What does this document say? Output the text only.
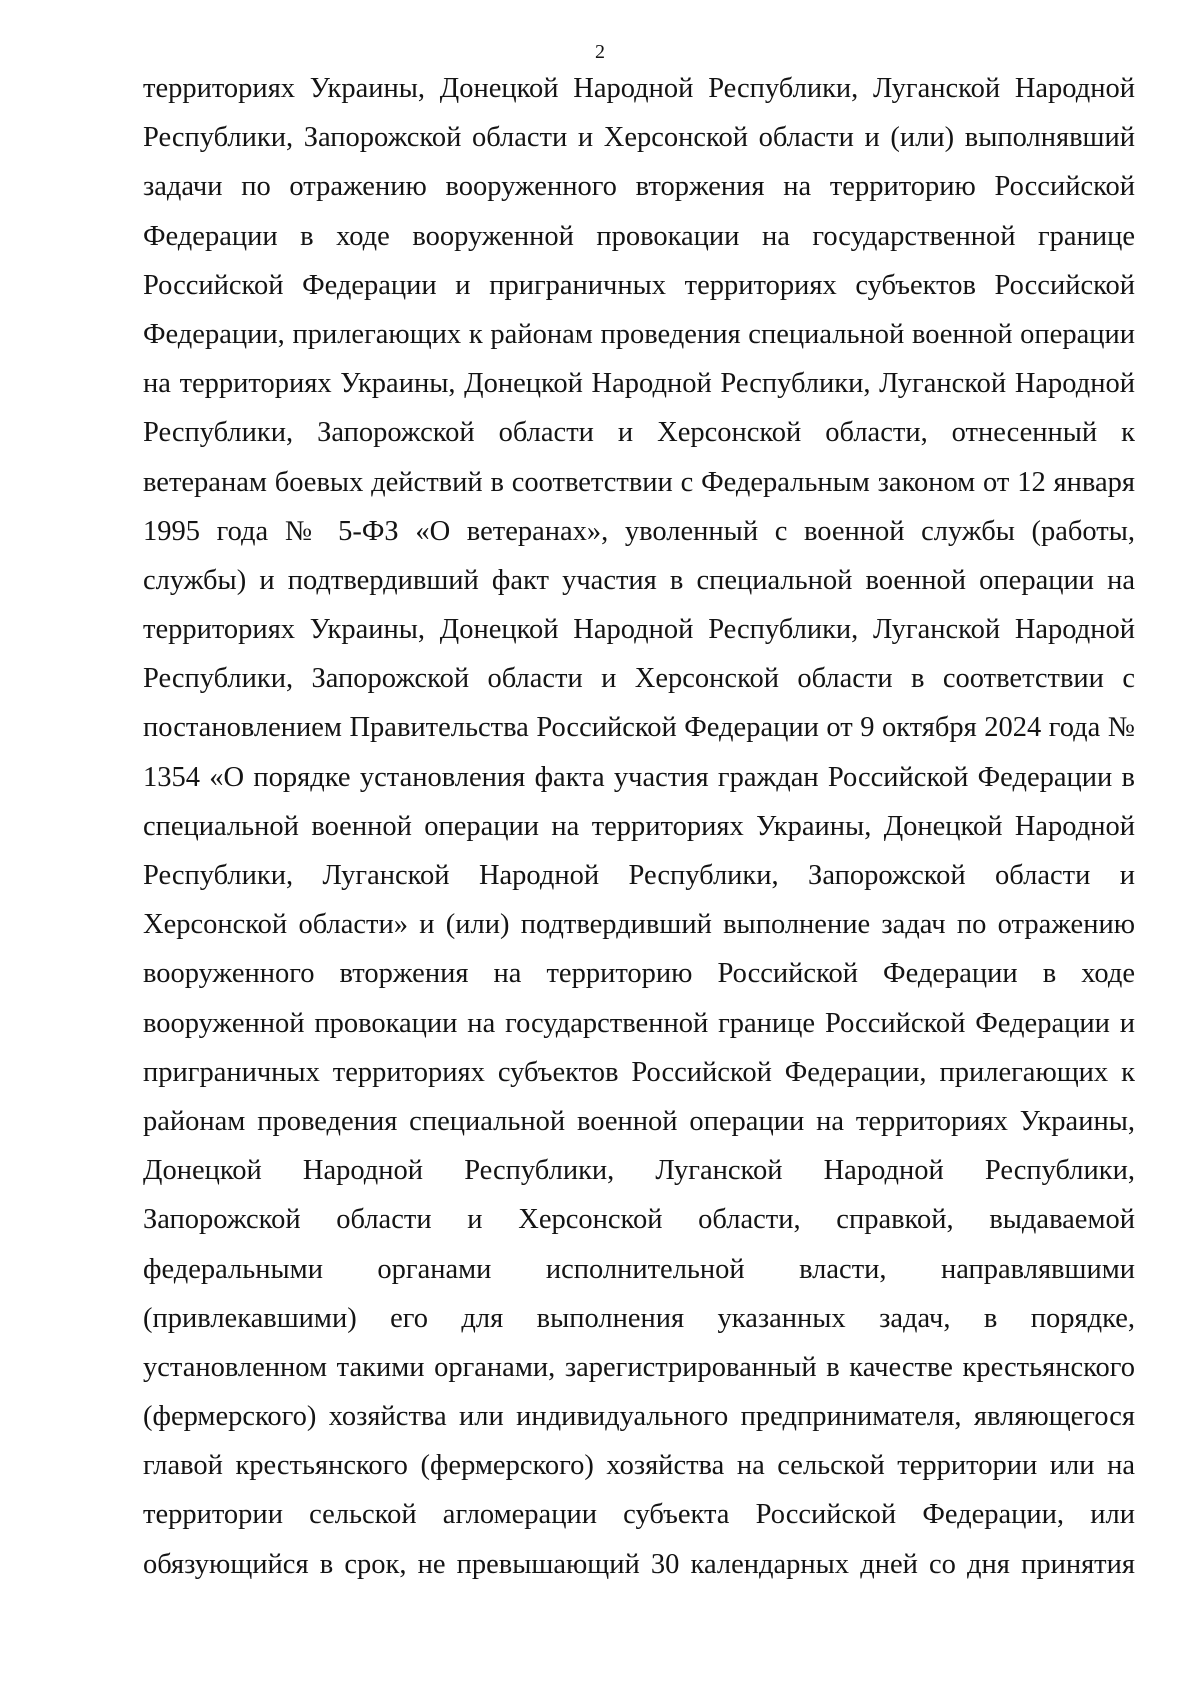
2
территориях Украины, Донецкой Народной Республики, Луганской Народной
Республики, Запорожской области и Херсонской области и (или) выполнявший
задачи по отражению вооруженного вторжения на территорию Российской
Федерации в ходе вооруженной провокации на государственной границе
Российской Федерации и приграничных территориях субъектов Российской
Федерации, прилегающих к районам проведения специальной военной операции
на территориях Украины, Донецкой Народной Республики, Луганской Народной
Республики, Запорожской области и Херсонской области, отнесенный к
ветеранам боевых действий в соответствии с Федеральным законом от 12 января
1995 года № 5-ФЗ «О ветеранах», уволенный с военной службы (работы,
службы) и подтвердивший факт участия в специальной военной операции на
территориях Украины, Донецкой Народной Республики, Луганской Народной
Республики, Запорожской области и Херсонской области в соответствии с
постановлением Правительства Российской Федерации от 9 октября 2024 года №
1354 «О порядке установления факта участия граждан Российской Федерации в
специальной военной операции на территориях Украины, Донецкой Народной
Республики, Луганской Народной Республики, Запорожской области и
Херсонской области» и (или) подтвердивший выполнение задач по отражению
вооруженного вторжения на территорию Российской Федерации в ходе
вооруженной провокации на государственной границе Российской Федерации и
приграничных территориях субъектов Российской Федерации, прилегающих к
районам проведения специальной военной операции на территориях Украины,
Донецкой Народной Республики, Луганской Народной Республики,
Запорожской области и Херсонской области, справкой, выдаваемой
федеральными органами исполнительной власти, направлявшими
(привлекавшими) его для выполнения указанных задач, в порядке,
установленном такими органами, зарегистрированный в качестве крестьянского
(фермерского) хозяйства или индивидуального предпринимателя, являющегося
главой крестьянского (фермерского) хозяйства на сельской территории или на
территории сельской агломерации субъекта Российской Федерации, или
обязующийся в срок, не превышающий 30 календарных дней со дня принятия
